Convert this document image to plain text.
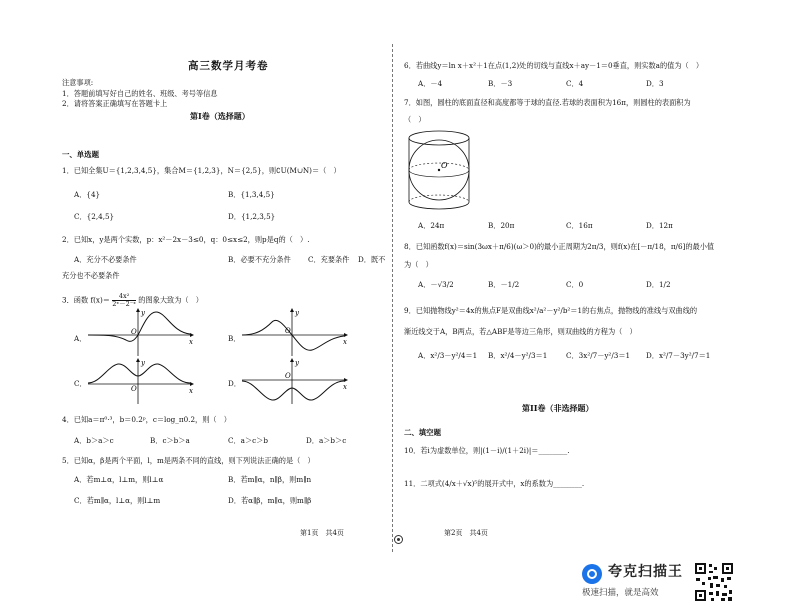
高三数学月考卷
注意事项:
1．答题前填写好自己的姓名、班级、考号等信息
2．请将答案正确填写在答题卡上
第I卷（选择题）
一、单选题
1．已知全集U＝{1,2,3,4,5}，集合M＝{1,2,3}，N＝{2,5}，则∁U(M∪N)＝（　）
A．{4}	B．{1,3,4,5}
C．{2,4,5}	D．{1,2,3,5}
2．已知x，y是两个实数，p：x²－2x－3≤0，q：0≤x≤2，则p是q的（　）.
A．充分不必要条件	B．必要不充分条件 C．充要条件 D．既不
充分也不必要条件
3．函数 $f(x)= \frac{\text{4x²}}{\text{2ˣ－2⁻ˣ}}$ 的图象大致为（　）
A．
O
y
x	B．
O
y
x
C．
O
y
x
D．
O
y
x
4．已知a＝π⁰·³，b＝0.2ᵖ，c＝log_π0.2，则（　）
A．b＞a＞c	B．c＞b＞a	C．a＞c＞b	D．a＞b＞c
5．已知α，β是两个平面，l，m是两条不同的直线，则下列说法正确的是（　）
A．若m⊥α，l⊥m，则l⊥α	B．若m∥α，n∥β，则m∥n
C．若m∥α，l⊥α，则l⊥m	D．若α∥β，m∥α，则m∥β
第1页　共4页
6．若曲线y＝ln x＋x²＋1在点(1,2)处的切线与直线x＋ay－1＝0垂直，则实数a的值为（　）
A．－4	B．－3	C．4	D．3
7．如图，圆柱的底面直径和高度都等于球的直径.若球的表面积为16π，则圆柱的表面积为
（　）
O
A．24π	B．20π	C．16π	D．12π
8．已知函数f(x)＝sin(3ωx＋π/6)(ω＞0)的最小正周期为2π/3，则f(x)在[－π/18，π/6]的最小值
为（　）
A．－√3/2	B．－1/2	C．0	D．1/2
9．已知抛物线y²＝4x的焦点F是双曲线x²/a²－y²/b²＝1的右焦点，抛物线的准线与双曲线的
渐近线交于A，B两点，若△ABF是等边三角形，则双曲线的方程为（　）
A．x²/3－y²/4＝1 B．x²/4－y²/3＝1	C．3x²/7－y²/3＝1 D．x²/7－3y²/7＝1
第II卷（非选择题）
二、填空题
10．若i为虚数单位，则|(1－i)/(1＋2i)|＝________.
11．二项式(4/x＋√x)⁵的展开式中，x的系数为________.
第2页　共4页
夸克扫描王
极速扫描，就是高效
